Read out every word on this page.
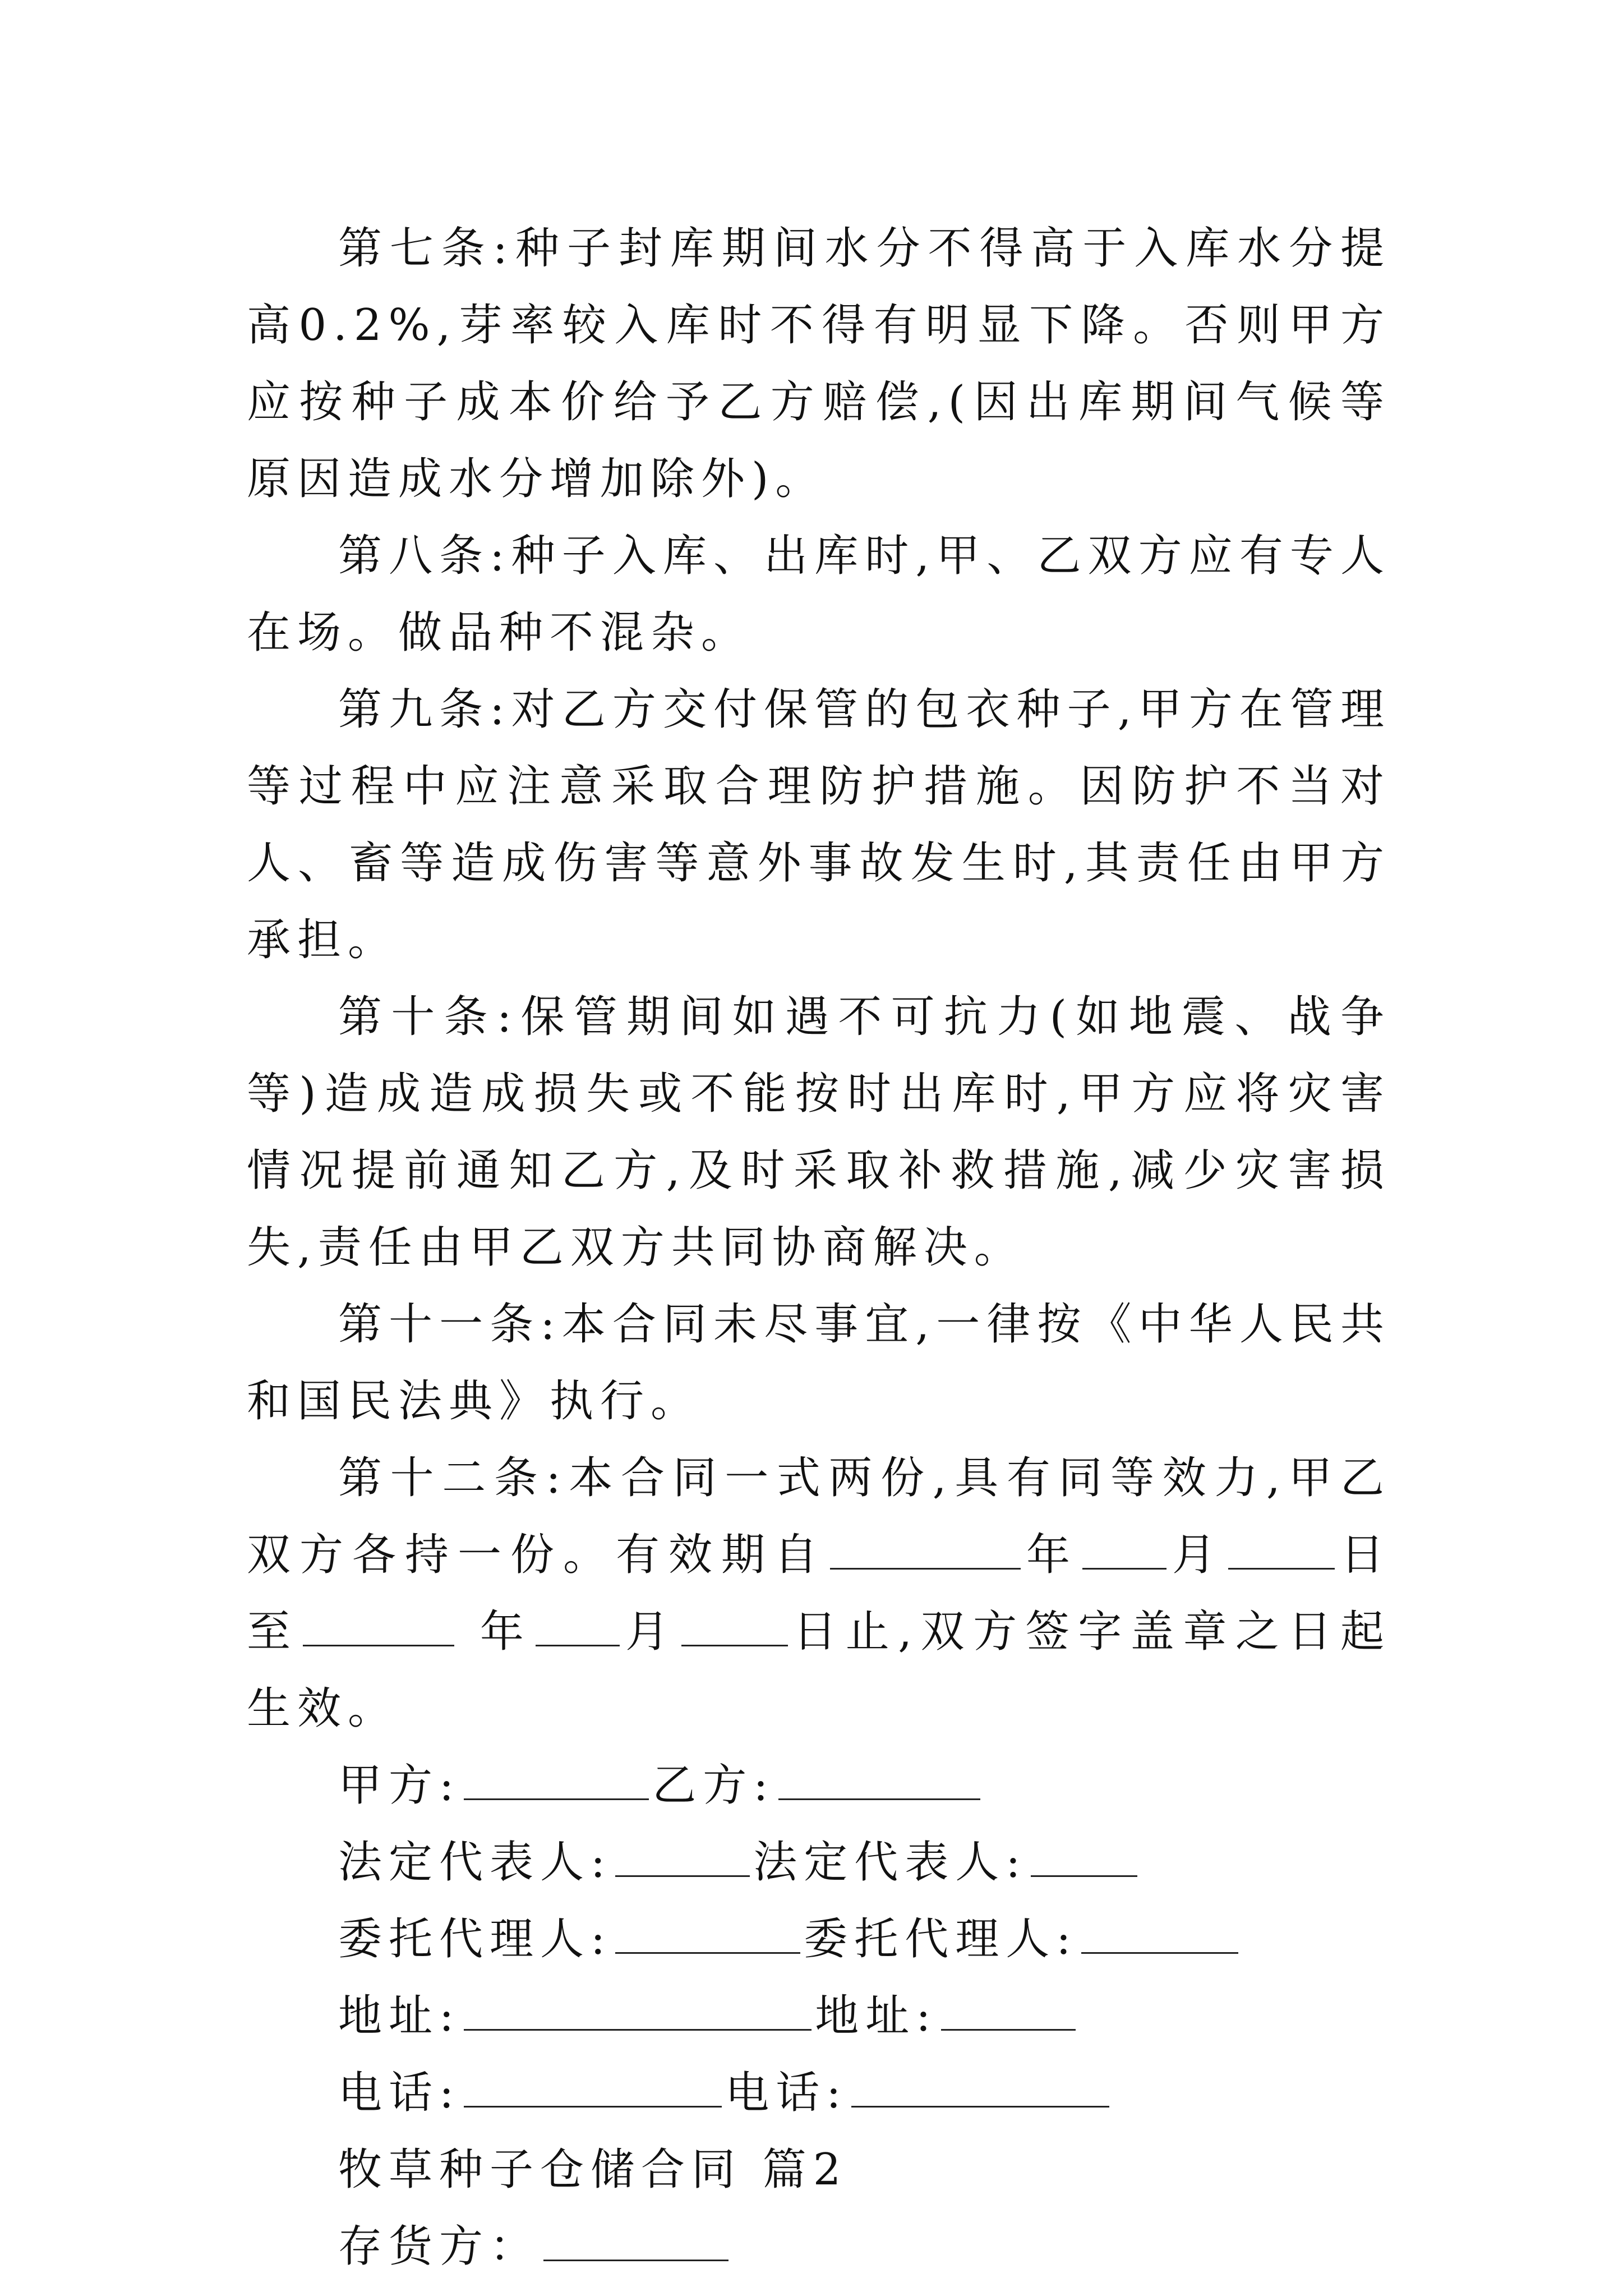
第七条:种子封库期间水分不得高于入库水分提高0.2%,芽率较入库时不得有明显下降。否则甲方应按种子成本价给予乙方赔偿,(因出库期间气候等原因造成水分增加除外)。

第八条:种子入库、出库时,甲、乙双方应有专人在场。做品种不混杂。

第九条:对乙方交付保管的包衣种子,甲方在管理等过程中应注意采取合理防护措施。因防护不当对人、畜等造成伤害等意外事故发生时,其责任由甲方承担。

第十条:保管期间如遇不可抗力(如地震、战争等)造成造成损失或不能按时出库时,甲方应将灾害情况提前通知乙方,及时采取补救措施,减少灾害损失,责任由甲乙双方共同协商解决。

第十一条:本合同未尽事宜,一律按《中华人民共和国民法典》执行。

第十二条:本合同一式两份,具有同等效力,甲乙双方各持一份。有效期自	年 月	日至	年 月	日止,双方签字盖章之日起生效。

甲方:	乙方:

法定代表人:	法定代表人:

委托代理人:	委托代理人:

地址:	地址:

电话:	电话:

牧草种子仓储合同 篇2

存货方：
